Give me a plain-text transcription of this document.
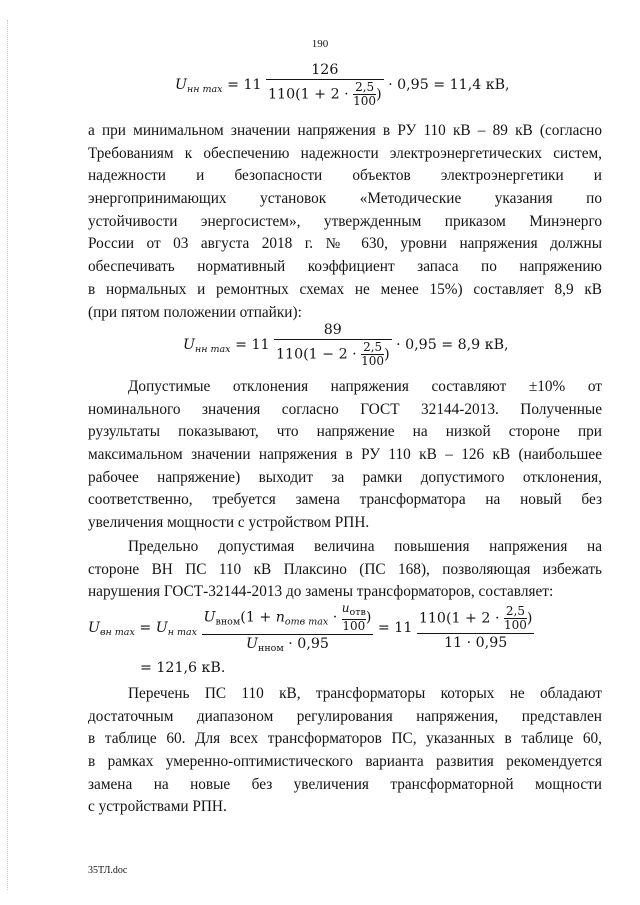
190
$U_{нн max} = 11 \frac{126}{110(1 + 2 \cdot \frac{2,5}{100} )} \cdot 0,95 = 11,4$ кВ,
а при минимальном значении напряжения в РУ 110 кВ – 89 кВ (согласно
Требованиям к обеспечению надежности электроэнергетических систем,
надежности и безопасности объектов электроэнергетики и
энергопринимающих установок «Методические указания по
устойчивости энергосистем», утвержденным приказом Минэнерго
России от 03 августа 2018 г. № 630, уровни напряжения должны
обеспечивать нормативный коэффициент запаса по напряжению
в нормальных и ремонтных схемах не менее 15%) составляет 8,9 кВ
(при пятом положении отпайки):
$U_{нн max} = 11 \frac{89}{110(1 - 2 \cdot \frac{2,5}{100} )} \cdot 0,95 = 8,9$ кВ,
Допустимые отклонения напряжения составляют ±10% от
номинального значения согласно ГОСТ 32144-2013. Полученные
рузультаты показывают, что напряжение на низкой стороне при
максимальном значении напряжения в РУ 110 кВ – 126 кВ (наибольшее
рабочее напряжение) выходит за рамки допустимого отклонения,
соответственно, требуется замена трансформатора на новый без
увеличения мощности с устройством РПН.
Предельно допустимая величина повышения напряжения на
стороне ВН ПС 110 кВ Плаксино (ПС 168), позволяющая избежать
нарушения ГОСТ-32144-2013 до замены трансформаторов, составляет:
$U_{вн max} = U_{н max} \frac{U_{вном}(1 + n_{отв max} \cdot \frac{u_{отв}}{100} )}{U_{нном} \cdot 0,95} = 11 \frac{110(1 + 2 \cdot \frac{2,5}{100} )}{11 \cdot 0,95}$
= 121,6 кВ.
Перечень ПС 110 кВ, трансформаторы которых не обладают
достаточным диапазоном регулирования напряжения, представлен
в таблице 60. Для всех трансформаторов ПС, указанных в таблице 60,
в рамках умеренно-оптимистического варианта развития рекомендуется
замена на новые без увеличения трансформаторной мощности
с устройствами РПН.
35ТЛ.doc
